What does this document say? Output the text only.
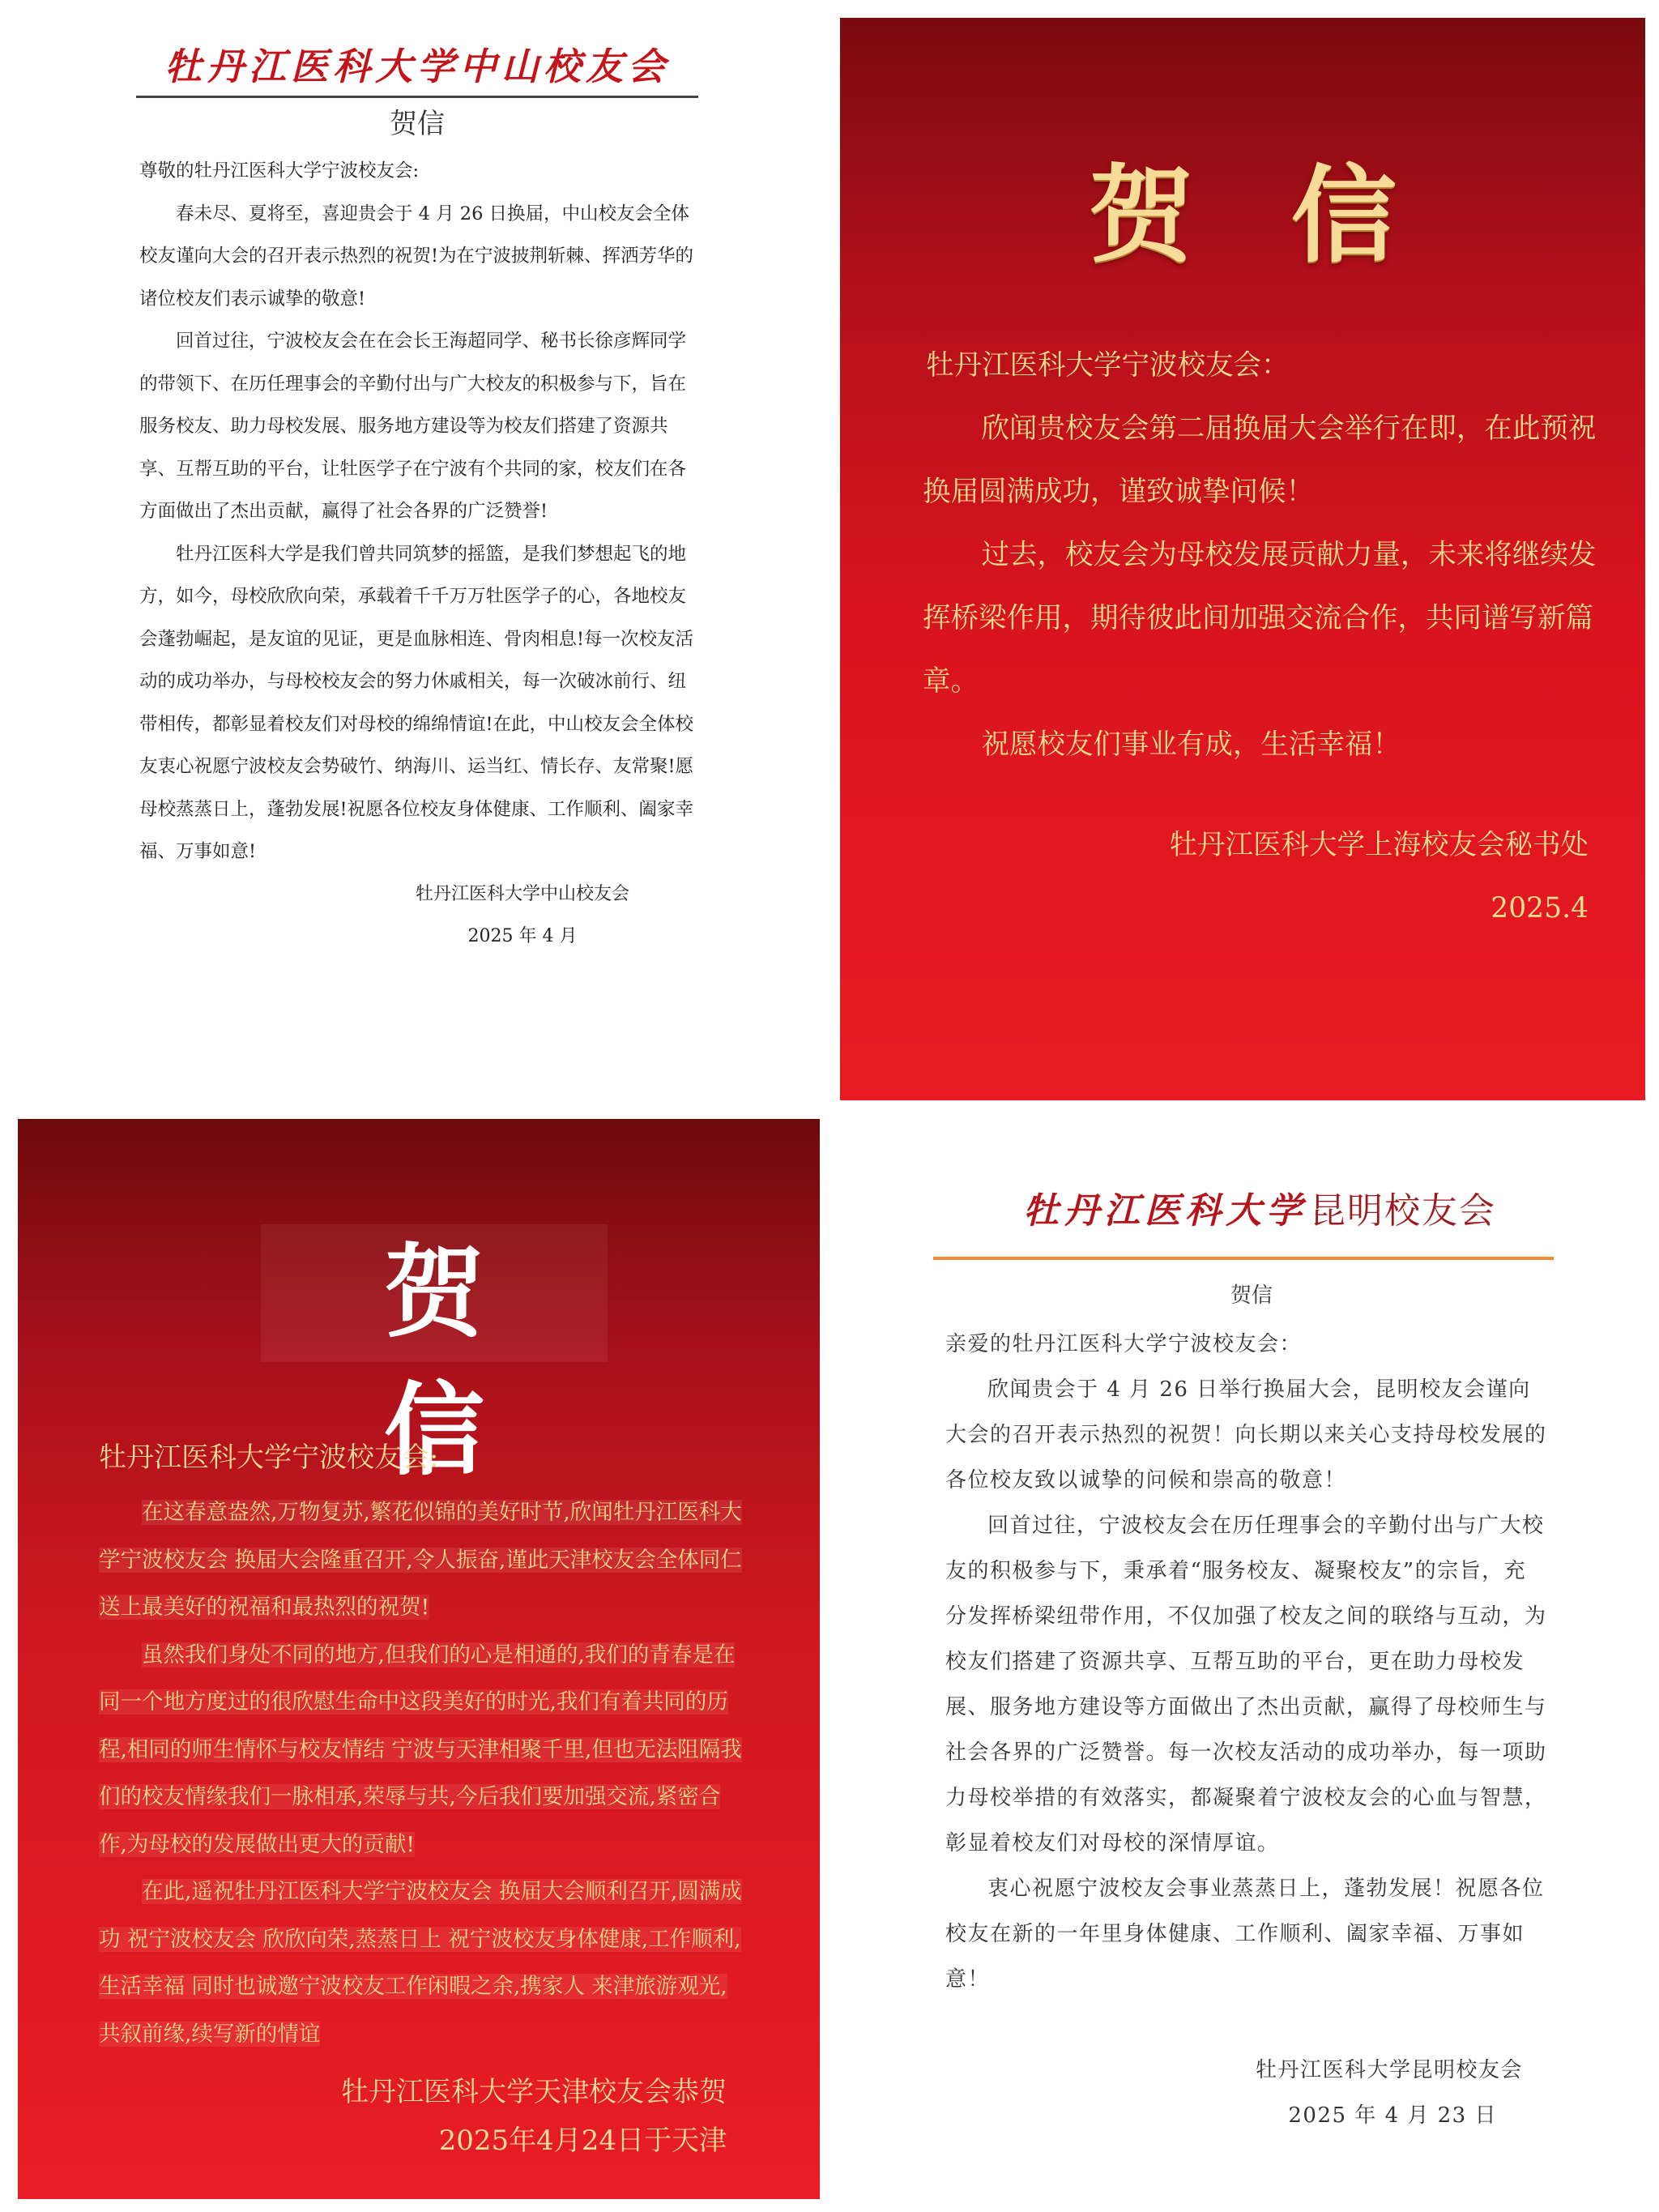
牡丹江医科大学中山校友会
贺信

尊敬的牡丹江医科大学宁波校友会:

春未尽、夏将至，喜迎贵会于 4 月 26 日换届，中山校友会全体校友谨向大会的召开表示热烈的祝贺!为在宁波披荆斩棘、挥洒芳华的诸位校友们表示诚挚的敬意!

回首过往，宁波校友会在在会长王海超同学、秘书长徐彦辉同学的带领下、在历任理事会的辛勤付出与广大校友的积极参与下，旨在服务校友、助力母校发展、服务地方建设等为校友们搭建了资源共享、互帮互助的平台，让牡医学子在宁波有个共同的家，校友们在各方面做出了杰出贡献，赢得了社会各界的广泛赞誉!

牡丹江医科大学是我们曾共同筑梦的摇篮，是我们梦想起飞的地方，如今，母校欣欣向荣，承载着千千万万牡医学子的心，各地校友会蓬勃崛起，是友谊的见证，更是血脉相连、骨肉相息!每一次校友活动的成功举办，与母校校友会的努力休戚相关，每一次破冰前行、纽带相传，都彰显着校友们对母校的绵绵情谊!在此，中山校友会全体校友衷心祝愿宁波校友会势破竹、纳海川、运当红、情长存、友常聚!愿母校蒸蒸日上，蓬勃发展!祝愿各位校友身体健康、工作顺利、阖家幸福、万事如意!

牡丹江医科大学中山校友会
2025 年 4 月
贺信

牡丹江医科大学宁波校友会：

欣闻贵校友会第二届换届大会举行在即，在此预祝换届圆满成功，谨致诚挚问候！

过去，校友会为母校发展贡献力量，未来将继续发挥桥梁作用，期待彼此间加强交流合作，共同谱写新篇章。

祝愿校友们事业有成，生活幸福！

牡丹江医科大学上海校友会秘书处

2025.4

贺信
牡丹江医科大学宁波校友会:

在这春意盎然,万物复苏,繁花似锦的美好时节,欣闻牡丹江医科大学宁波校友会 换届大会隆重召开,令人振奋,谨此天津校友会全体同仁送上最美好的祝福和最热烈的祝贺!

虽然我们身处不同的地方,但我们的心是相通的,我们的青春是在同一个地方度过的很欣慰生命中这段美好的时光,我们有着共同的历程,相同的师生情怀与校友情结 宁波与天津相聚千里,但也无法阻隔我们的校友情缘我们一脉相承,荣辱与共,今后我们要加强交流,紧密合作,为母校的发展做出更大的贡献!

在此,遥祝牡丹江医科大学宁波校友会 换届大会顺利召开,圆满成功 祝宁波校友会 欣欣向荣,蒸蒸日上 祝宁波校友身体健康,工作顺利,生活幸福 同时也诚邀宁波校友工作闲暇之余,携家人 来津旅游观光,共叙前缘,续写新的情谊

牡丹江医科大学天津校友会恭贺
2025年4月24日于天津
牡丹江医科大学昆明校友会
贺信

亲爱的牡丹江医科大学宁波校友会：

欣闻贵会于 4 月 26 日举行换届大会，昆明校友会谨向大会的召开表示热烈的祝贺！向长期以来关心支持母校发展的各位校友致以诚挚的问候和崇高的敬意！

回首过往，宁波校友会在历任理事会的辛勤付出与广大校友的积极参与下，秉承着“服务校友、凝聚校友”的宗旨，充分发挥桥梁纽带作用，不仅加强了校友之间的联络与互动，为校友们搭建了资源共享、互帮互助的平台，更在助力母校发展、服务地方建设等方面做出了杰出贡献，赢得了母校师生与社会各界的广泛赞誉。每一次校友活动的成功举办，每一项助力母校举措的有效落实，都凝聚着宁波校友会的心血与智慧，彰显着校友们对母校的深情厚谊。

衷心祝愿宁波校友会事业蒸蒸日上，蓬勃发展！祝愿各位校友在新的一年里身体健康、工作顺利、阖家幸福、万事如意！

牡丹江医科大学昆明校友会

2025 年 4 月 23 日
